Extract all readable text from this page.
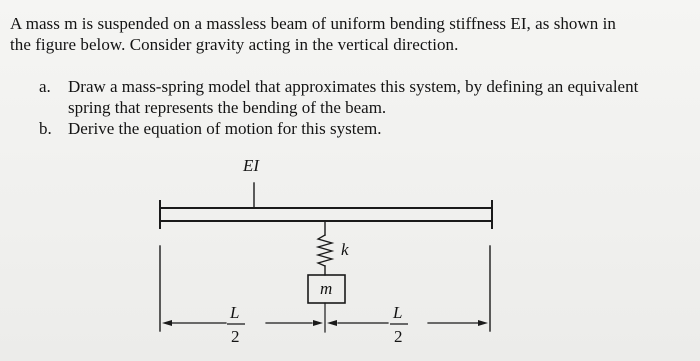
A mass m is suspended on a massless beam of uniform bending stiffness EI, as shown in

the figure below. Consider gravity acting in the vertical direction.

a. Draw a mass-spring model that approximates this system, by defining an equivalent

spring that represents the bending of the beam.

b. Derive the equation of motion for this system.

EI
k
m
L
2
L
2
